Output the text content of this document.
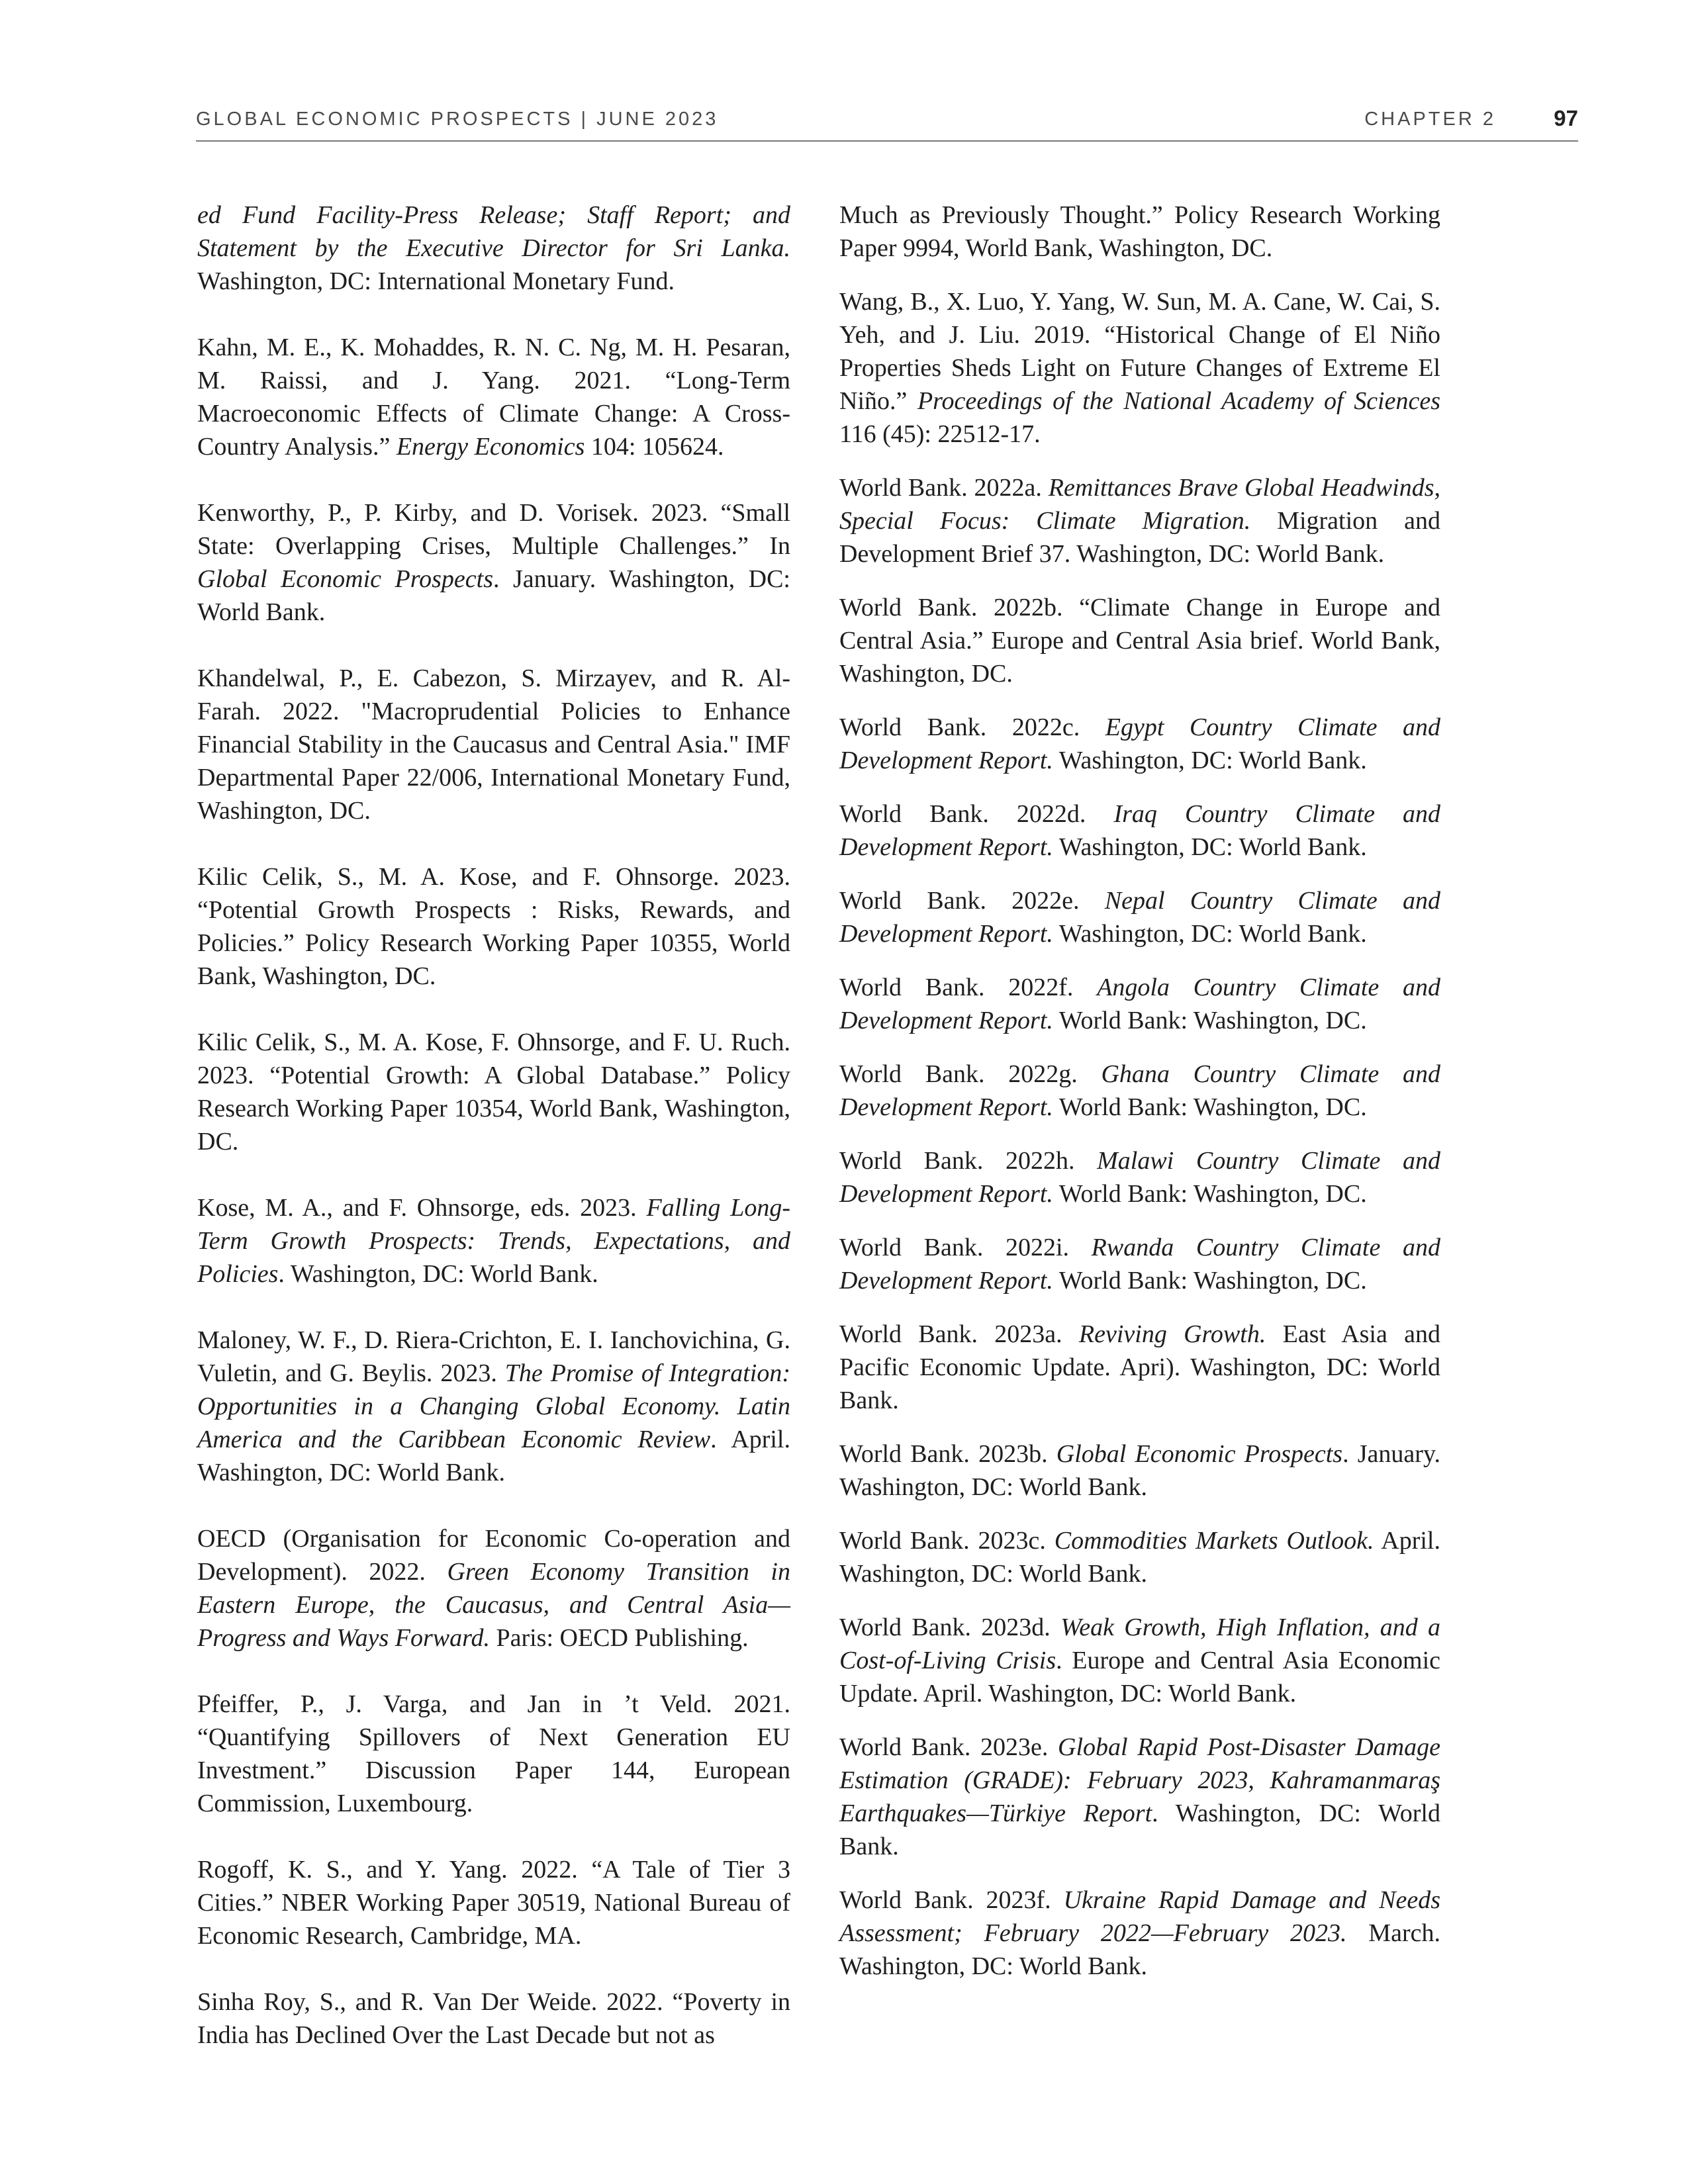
GLOBAL ECONOMIC PROSPECTS | JUNE 2023	CHAPTER 2	97

ed Fund Facility-Press Release; Staff Report; and Statement by the Executive Director for Sri Lanka. Washington, DC: International Monetary Fund.

Kahn, M. E., K. Mohaddes, R. N. C. Ng, M. H. Pesaran, M. Raissi, and J. Yang. 2021. “Long-Term Macroeconomic Effects of Climate Change: A Cross-Country Analysis.” Energy Economics 104: 105624.

Kenworthy, P., P. Kirby, and D. Vorisek. 2023. “Small State: Overlapping Crises, Multiple Challenges.” In Global Economic Prospects. January. Washington, DC: World Bank.

Khandelwal, P., E. Cabezon, S. Mirzayev, and R. Al-Farah. 2022. "Macroprudential Policies to Enhance Financial Stability in the Caucasus and Central Asia." IMF Departmental Paper 22/006, International Monetary Fund, Washington, DC.

Kilic Celik, S., M. A. Kose, and F. Ohnsorge. 2023. “Potential Growth Prospects : Risks, Rewards, and Policies.” Policy Research Working Paper 10355, World Bank, Washington, DC.

Kilic Celik, S., M. A. Kose, F. Ohnsorge, and F. U. Ruch. 2023. “Potential Growth: A Global Database.” Policy Research Working Paper 10354, World Bank, Washington, DC.

Kose, M. A., and F. Ohnsorge, eds. 2023. Falling Long-Term Growth Prospects: Trends, Expectations, and Policies. Washington, DC: World Bank.

Maloney, W. F., D. Riera-Crichton, E. I. Ianchovichina, G. Vuletin, and G. Beylis. 2023. The Promise of Integration: Opportunities in a Changing Global Economy. Latin America and the Caribbean Economic Review. April. Washington, DC: World Bank.

OECD (Organisation for Economic Co-operation and Development). 2022. Green Economy Transition in Eastern Europe, the Caucasus, and Central Asia—Progress and Ways Forward. Paris: OECD Publishing.

Pfeiffer, P., J. Varga, and Jan in ’t Veld. 2021. “Quantifying Spillovers of Next Generation EU Investment.” Discussion Paper 144, European Commission, Luxembourg.

Rogoff, K. S., and Y. Yang. 2022. “A Tale of Tier 3 Cities.” NBER Working Paper 30519, National Bureau of Economic Research, Cambridge, MA.

Sinha Roy, S., and R. Van Der Weide. 2022. “Poverty in India has Declined Over the Last Decade but not as

Much as Previously Thought.” Policy Research Working Paper 9994, World Bank, Washington, DC.

Wang, B., X. Luo, Y. Yang, W. Sun, M. A. Cane, W. Cai, S. Yeh, and J. Liu. 2019. “Historical Change of El Niño Properties Sheds Light on Future Changes of Extreme El Niño.” Proceedings of the National Academy of Sciences 116 (45): 22512-17.

World Bank. 2022a. Remittances Brave Global Headwinds, Special Focus: Climate Migration. Migration and Development Brief 37. Washington, DC: World Bank.

World Bank. 2022b. “Climate Change in Europe and Central Asia.” Europe and Central Asia brief. World Bank, Washington, DC.

World Bank. 2022c. Egypt Country Climate and Development Report. Washington, DC: World Bank.

World Bank. 2022d. Iraq Country Climate and Development Report. Washington, DC: World Bank.

World Bank. 2022e. Nepal Country Climate and Development Report. Washington, DC: World Bank.

World Bank. 2022f. Angola Country Climate and Development Report. World Bank: Washington, DC.

World Bank. 2022g. Ghana Country Climate and Development Report. World Bank: Washington, DC.

World Bank. 2022h. Malawi Country Climate and Development Report. World Bank: Washington, DC.

World Bank. 2022i. Rwanda Country Climate and Development Report. World Bank: Washington, DC.

World Bank. 2023a. Reviving Growth. East Asia and Pacific Economic Update. Apri). Washington, DC: World Bank.

World Bank. 2023b. Global Economic Prospects. January. Washington, DC: World Bank.

World Bank. 2023c. Commodities Markets Outlook. April. Washington, DC: World Bank.

World Bank. 2023d. Weak Growth, High Inflation, and a Cost-of-Living Crisis. Europe and Central Asia Economic Update. April. Washington, DC: World Bank.

World Bank. 2023e. Global Rapid Post-Disaster Damage Estimation (GRADE): February 2023, Kahramanmaraş Earthquakes—Türkiye Report. Washington, DC: World Bank.

World Bank. 2023f. Ukraine Rapid Damage and Needs Assessment; February 2022—February 2023. March. Washington, DC: World Bank.
